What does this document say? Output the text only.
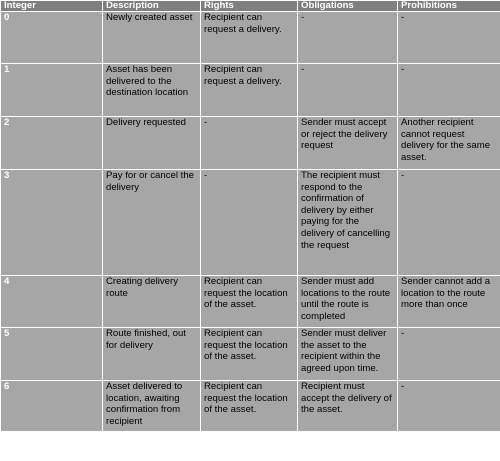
Integer	Description	Rights	Obligations	Prohibitions
0	Newly created asset	Recipient can request a delivery.	-	-
1	Asset has been delivered to the destination location	Recipient can request a delivery.	-	-
2	Delivery requested	-	Sender must accept or reject the delivery request	Another recipient cannot request delivery for the same asset.
3	Pay for or cancel the delivery	-	The recipient must respond to the confirmation of delivery by either paying for the delivery of cancelling the request	-
4	Creating delivery route	Recipient can request the location of the asset.	Sender must add locations to the route until the route is completed	Sender cannot add a location to the route more than once
5	Route finished, out for delivery	Recipient can request the location of the asset.	Sender must deliver the asset to the recipient within the agreed upon time.	-
6	Asset delivered to location, awaiting confirmation from recipient	Recipient can request the location of the asset.	Recipient must accept the delivery of the asset.	-
